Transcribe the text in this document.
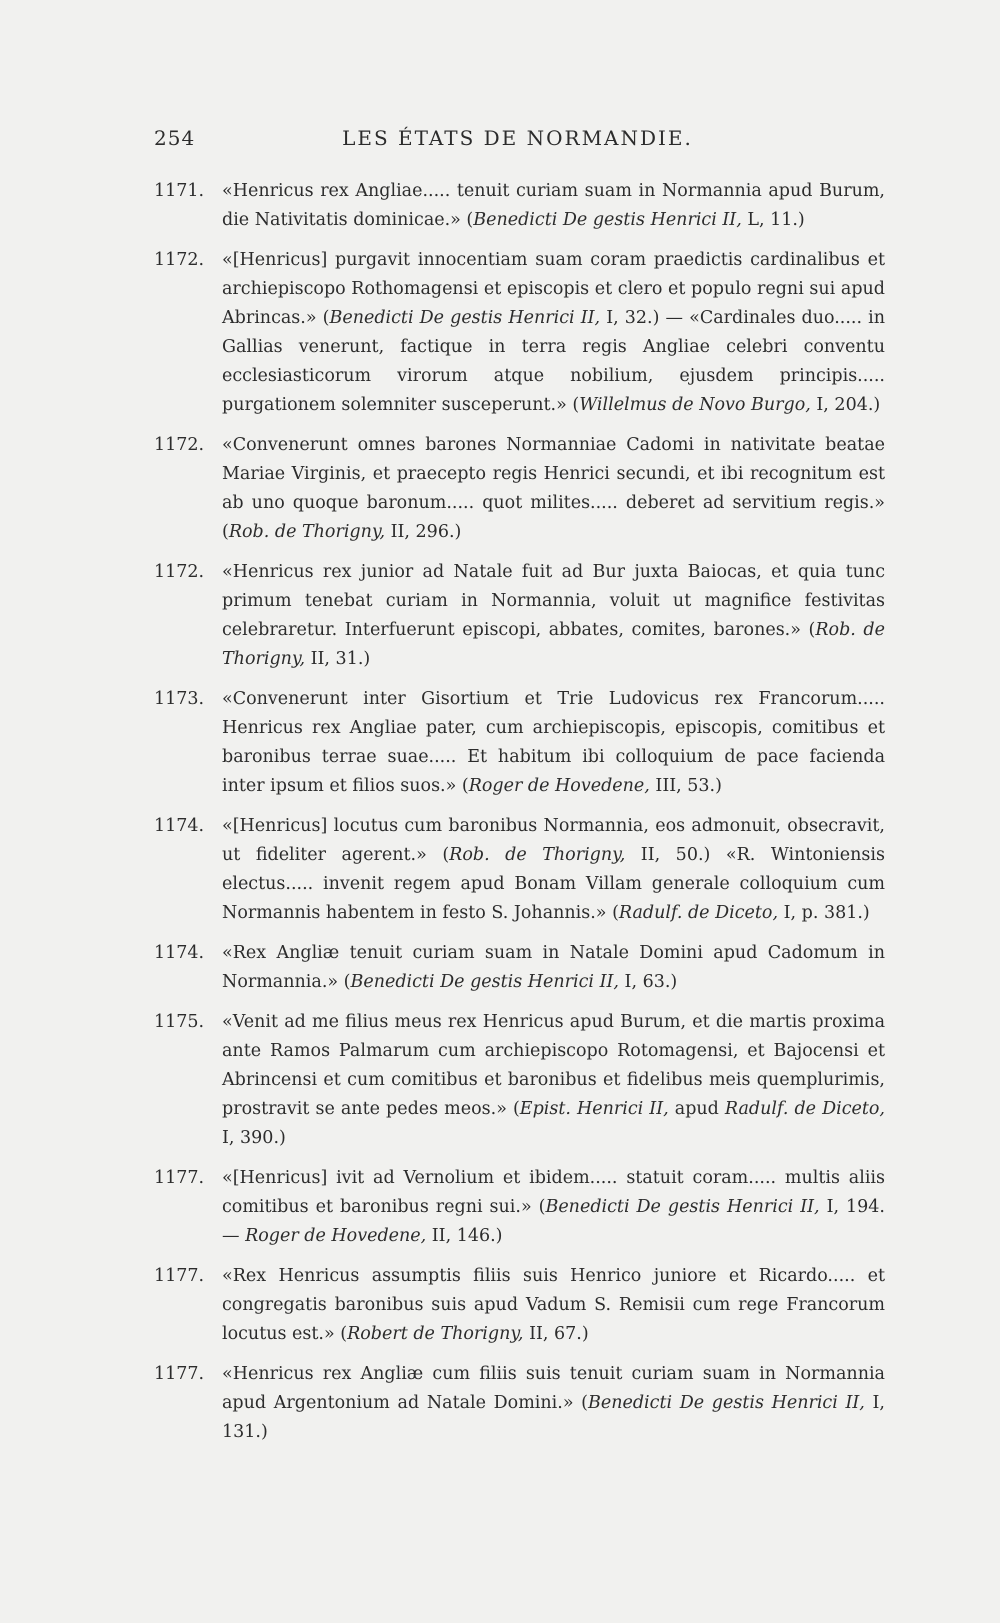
254	LES ÉTATS DE NORMANDIE.
1171.	«Henricus rex Angliae..... tenuit curiam suam in Normannia apud Burum, die Nativitatis dominicae.» (Benedicti De gestis Henrici II, L, 11.)
1172.	«[Henricus] purgavit innocentiam suam coram praedictis cardinalibus et archiepiscopo Rothomagensi et episcopis et clero et populo regni sui apud Abrincas.» (Benedicti De gestis Henrici II, I, 32.) — «Cardinales duo..... in Gallias venerunt, factique in terra regis Angliae celebri conventu ecclesiasticorum virorum atque nobilium, ejusdem principis..... purgationem solemniter susceperunt.» (Willelmus de Novo Burgo, I, 204.)
1172.	«Convenerunt omnes barones Normanniae Cadomi in nativitate beatae Mariae Virginis, et praecepto regis Henrici secundi, et ibi recognitum est ab uno quoque baronum..... quot milites..... deberet ad servitium regis.» (Rob. de Thorigny, II, 296.)
1172.	«Henricus rex junior ad Natale fuit ad Bur juxta Baiocas, et quia tunc primum tenebat curiam in Normannia, voluit ut magnifice festivitas celebraretur. Interfuerunt episcopi, abbates, comites, barones.» (Rob. de Thorigny, II, 31.)
1173.	«Convenerunt inter Gisortium et Trie Ludovicus rex Francorum..... Henricus rex Angliae pater, cum archiepiscopis, episcopis, comitibus et baronibus terrae suae..... Et habitum ibi colloquium de pace facienda inter ipsum et filios suos.» (Roger de Hovedene, III, 53.)
1174.	«[Henricus] locutus cum baronibus Normannia, eos admonuit, obsecravit, ut fideliter agerent.» (Rob. de Thorigny, II, 50.) «R. Wintoniensis electus..... invenit regem apud Bonam Villam generale colloquium cum Normannis habentem in festo S. Johannis.» (Radulf. de Diceto, I, p. 381.)
1174.	«Rex Angliæ tenuit curiam suam in Natale Domini apud Cadomum in Normannia.» (Benedicti De gestis Henrici II, I, 63.)
1175.	«Venit ad me filius meus rex Henricus apud Burum, et die martis proxima ante Ramos Palmarum cum archiepiscopo Rotomagensi, et Bajocensi et Abrincensi et cum comitibus et baronibus et fidelibus meis quemplurimis, prostravit se ante pedes meos.» (Epist. Henrici II, apud Radulf. de Diceto, I, 390.)
1177.	«[Henricus] ivit ad Vernolium et ibidem..... statuit coram..... multis aliis comitibus et baronibus regni sui.» (Benedicti De gestis Henrici II, I, 194. — Roger de Hovedene, II, 146.)
1177.	«Rex Henricus assumptis filiis suis Henrico juniore et Ricardo..... et congregatis baronibus suis apud Vadum S. Remisii cum rege Francorum locutus est.» (Robert de Thorigny, II, 67.)
1177.	«Henricus rex Angliæ cum filiis suis tenuit curiam suam in Normannia apud Argentonium ad Natale Domini.» (Benedicti De gestis Henrici II, I, 131.)
